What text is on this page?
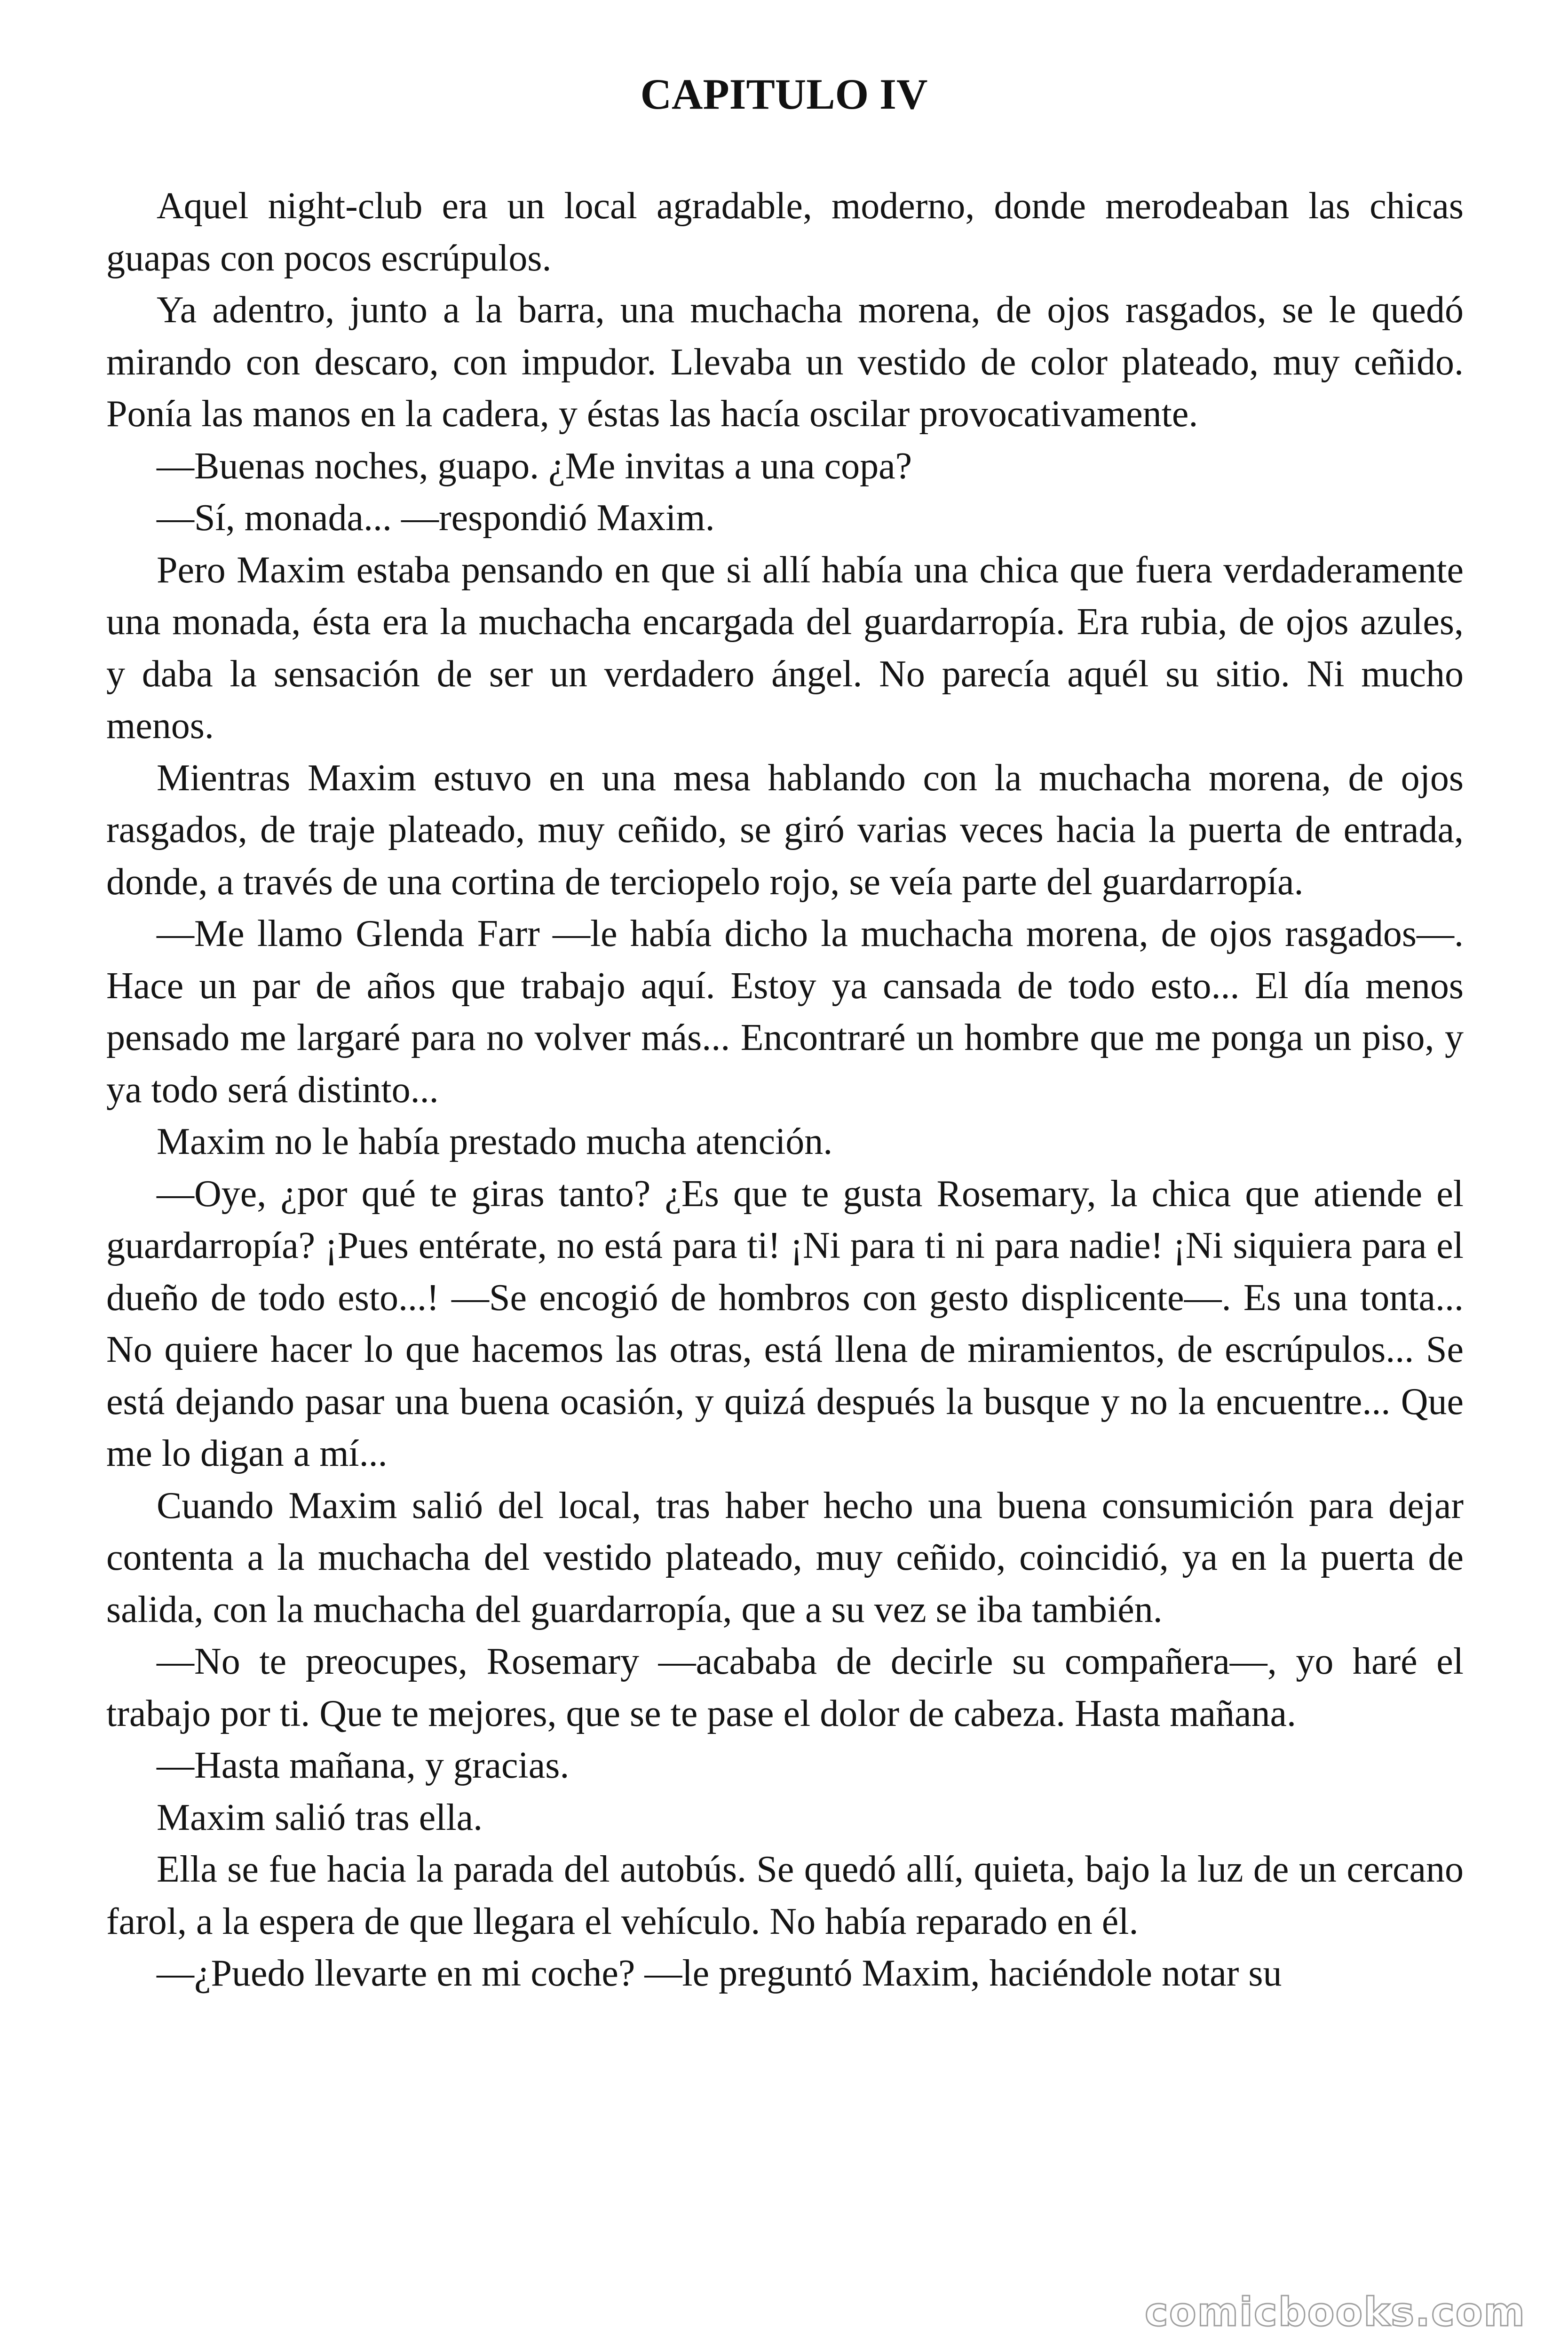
CAPITULO IV

Aquel night-club era un local agradable, moderno, donde merodeaban las chicas guapas con pocos escrúpulos.

Ya adentro, junto a la barra, una muchacha morena, de ojos rasgados, se le quedó mirando con descaro, con impudor. Llevaba un vestido de color plateado, muy ceñido. Ponía las manos en la cadera, y éstas las hacía oscilar provocativamente.

—Buenas noches, guapo. ¿Me invitas a una copa?

—Sí, monada... —respondió Maxim.

Pero Maxim estaba pensando en que si allí había una chica que fuera verdaderamente una monada, ésta era la muchacha encargada del guardarropía. Era rubia, de ojos azules, y daba la sensación de ser un verdadero ángel. No parecía aquél su sitio. Ni mucho menos.

Mientras Maxim estuvo en una mesa hablando con la muchacha morena, de ojos rasgados, de traje plateado, muy ceñido, se giró varias veces hacia la puerta de entrada, donde, a través de una cortina de terciopelo rojo, se veía parte del guardarropía.

—Me llamo Glenda Farr —le había dicho la muchacha morena, de ojos rasgados—. Hace un par de años que trabajo aquí. Estoy ya cansada de todo esto... El día menos pensado me largaré para no volver más... Encontraré un hombre que me ponga un piso, y ya todo será distinto...

Maxim no le había prestado mucha atención.

—Oye, ¿por qué te giras tanto? ¿Es que te gusta Rosemary, la chica que atiende el guardarropía? ¡Pues entérate, no está para ti! ¡Ni para ti ni para nadie! ¡Ni siquiera para el dueño de todo esto...! —Se encogió de hombros con gesto displicente—. Es una tonta... No quiere hacer lo que hacemos las otras, está llena de miramientos, de escrúpulos... Se está dejando pasar una buena ocasión, y quizá después la busque y no la encuentre... Que me lo digan a mí...

Cuando Maxim salió del local, tras haber hecho una buena consumición para dejar contenta a la muchacha del vestido plateado, muy ceñido, coincidió, ya en la puerta de salida, con la muchacha del guardarropía, que a su vez se iba también.

—No te preocupes, Rosemary —acababa de decirle su compañera—, yo haré el trabajo por ti. Que te mejores, que se te pase el dolor de cabeza. Hasta mañana.

—Hasta mañana, y gracias.

Maxim salió tras ella.

Ella se fue hacia la parada del autobús. Se quedó allí, quieta, bajo la luz de un cercano farol, a la espera de que llegara el vehículo. No había reparado en él.

—¿Puedo llevarte en mi coche? —le preguntó Maxim, haciéndole notar su

comicbooks.com
